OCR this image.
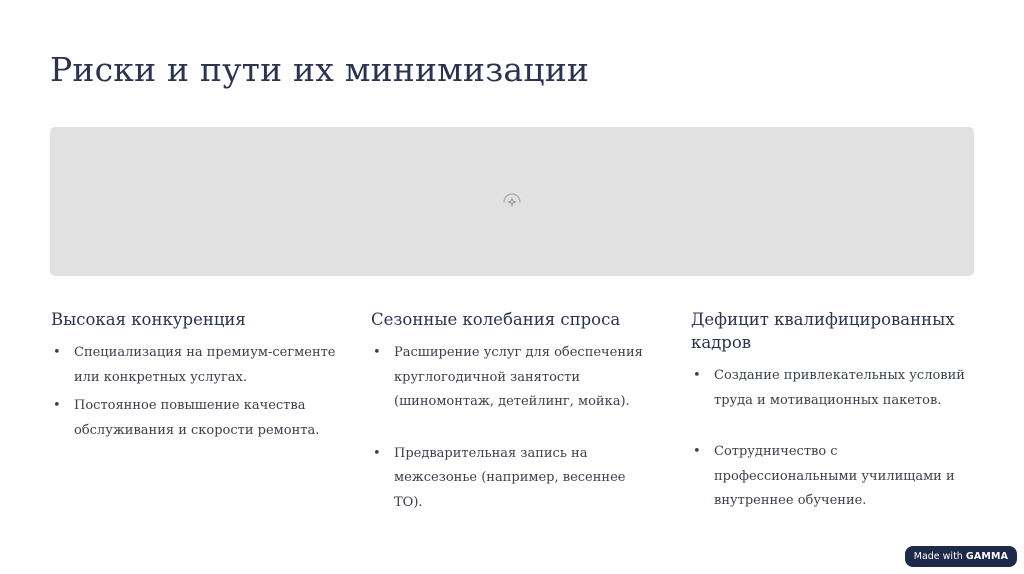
Риски и пути их минимизации
Высокая конкуренция
• Специализация на премиум-сегменте или конкретных услугах.
• Постоянное повышение качества обслуживания и скорости ремонта.
Сезонные колебания спроса
• Расширение услуг для обеспечения круглогодичной занятости (шиномонтаж, детейлинг, мойка).
• Предварительная запись на межсезонье (например, весеннее ТО).
Дефицит квалифицированных кадров
• Создание привлекательных условий труда и мотивационных пакетов.
• Сотрудничество с профессиональными училищами и внутреннее обучение.
Made with GAMMA
